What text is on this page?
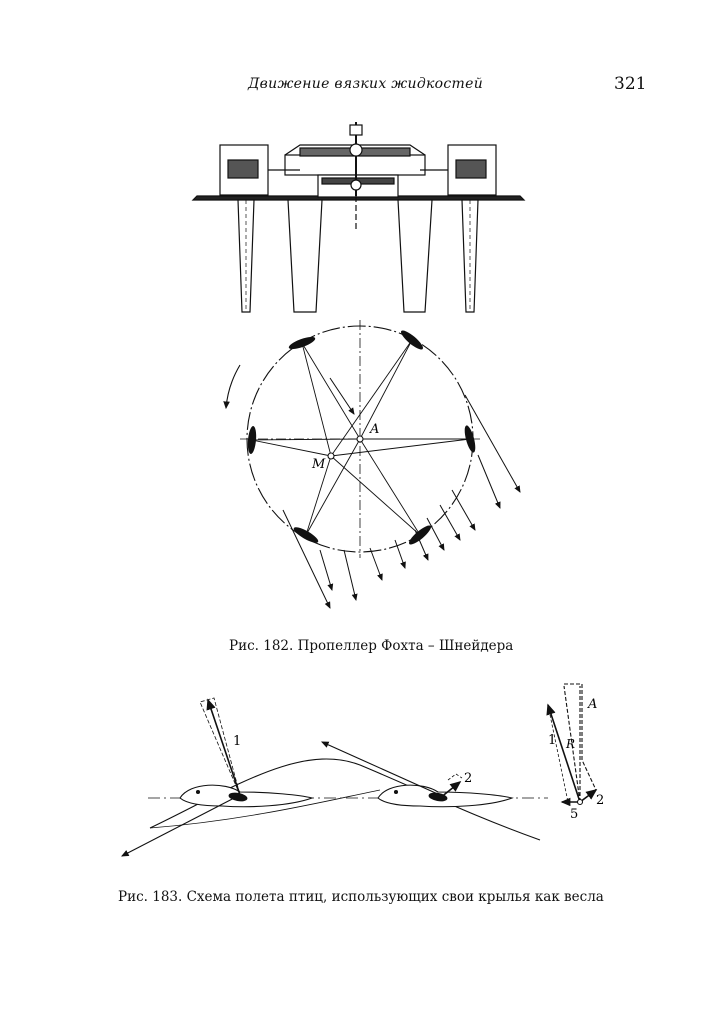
Движение вязких жидкостей	321
A
M
Рис. 182. Пропеллер Фохта – Шнейдера
1
2
A
R
1
2
5
Рис. 183. Схема полета птиц, использующих свои крылья как весла
